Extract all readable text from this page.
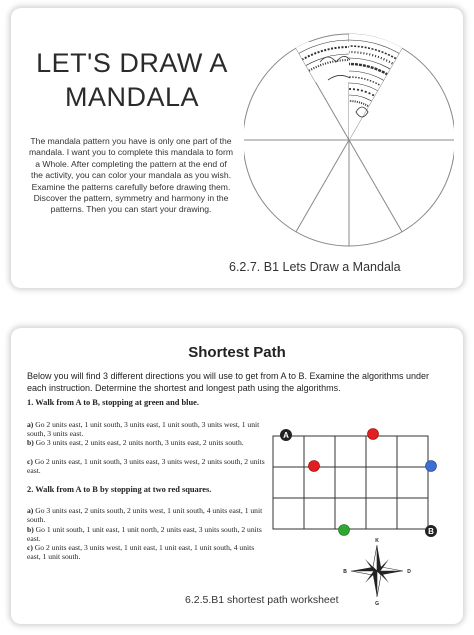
LET'S DRAW A
MANDALA
The mandala pattern you have is only one part of the mandala. I want you to complete this mandala to form a Whole. After completing the pattern at the end of the activity, you can color your mandala as you wish. Examine the patterns carefully before drawing them. Discover the pattern, symmetry and harmony in the patterns. Then you can start your drawing.
6.2.7. B1 Lets Draw a Mandala
Shortest Path
Below you will find 3 different directions you will use to get from A to B. Examine the algorithms under each instruction. Determine the shortest and longest path using the algorithms.
1. Walk from A to B, stopping at green and blue.
a) Go 2 units east, 1 unit south, 3 units east, 1 unit south, 3 units west, 1 unit south, 3 units east.
b) Go 3 units east, 2 units east, 2 units north, 3 units east, 2 units south.
c) Go 2 units east, 1 unit south, 3 units east, 3 units west, 2 units south, 2 units east.
2. Walk from A to B by stopping at two red squares.
a) Go 3 units east, 2 units south, 2 units west, 1 unit south, 4 units east, 1 unit south.
b) Go 1 unit south, 1 unit east, 1 unit north, 2 units east, 3 units south, 2 units east.
c) Go 2 units east, 3 units west, 1 unit east, 1 unit east, 1 unit south, 4 units east, 1 unit south.
A
B
K
G
D
B
6.2.5.B1 shortest path worksheet
